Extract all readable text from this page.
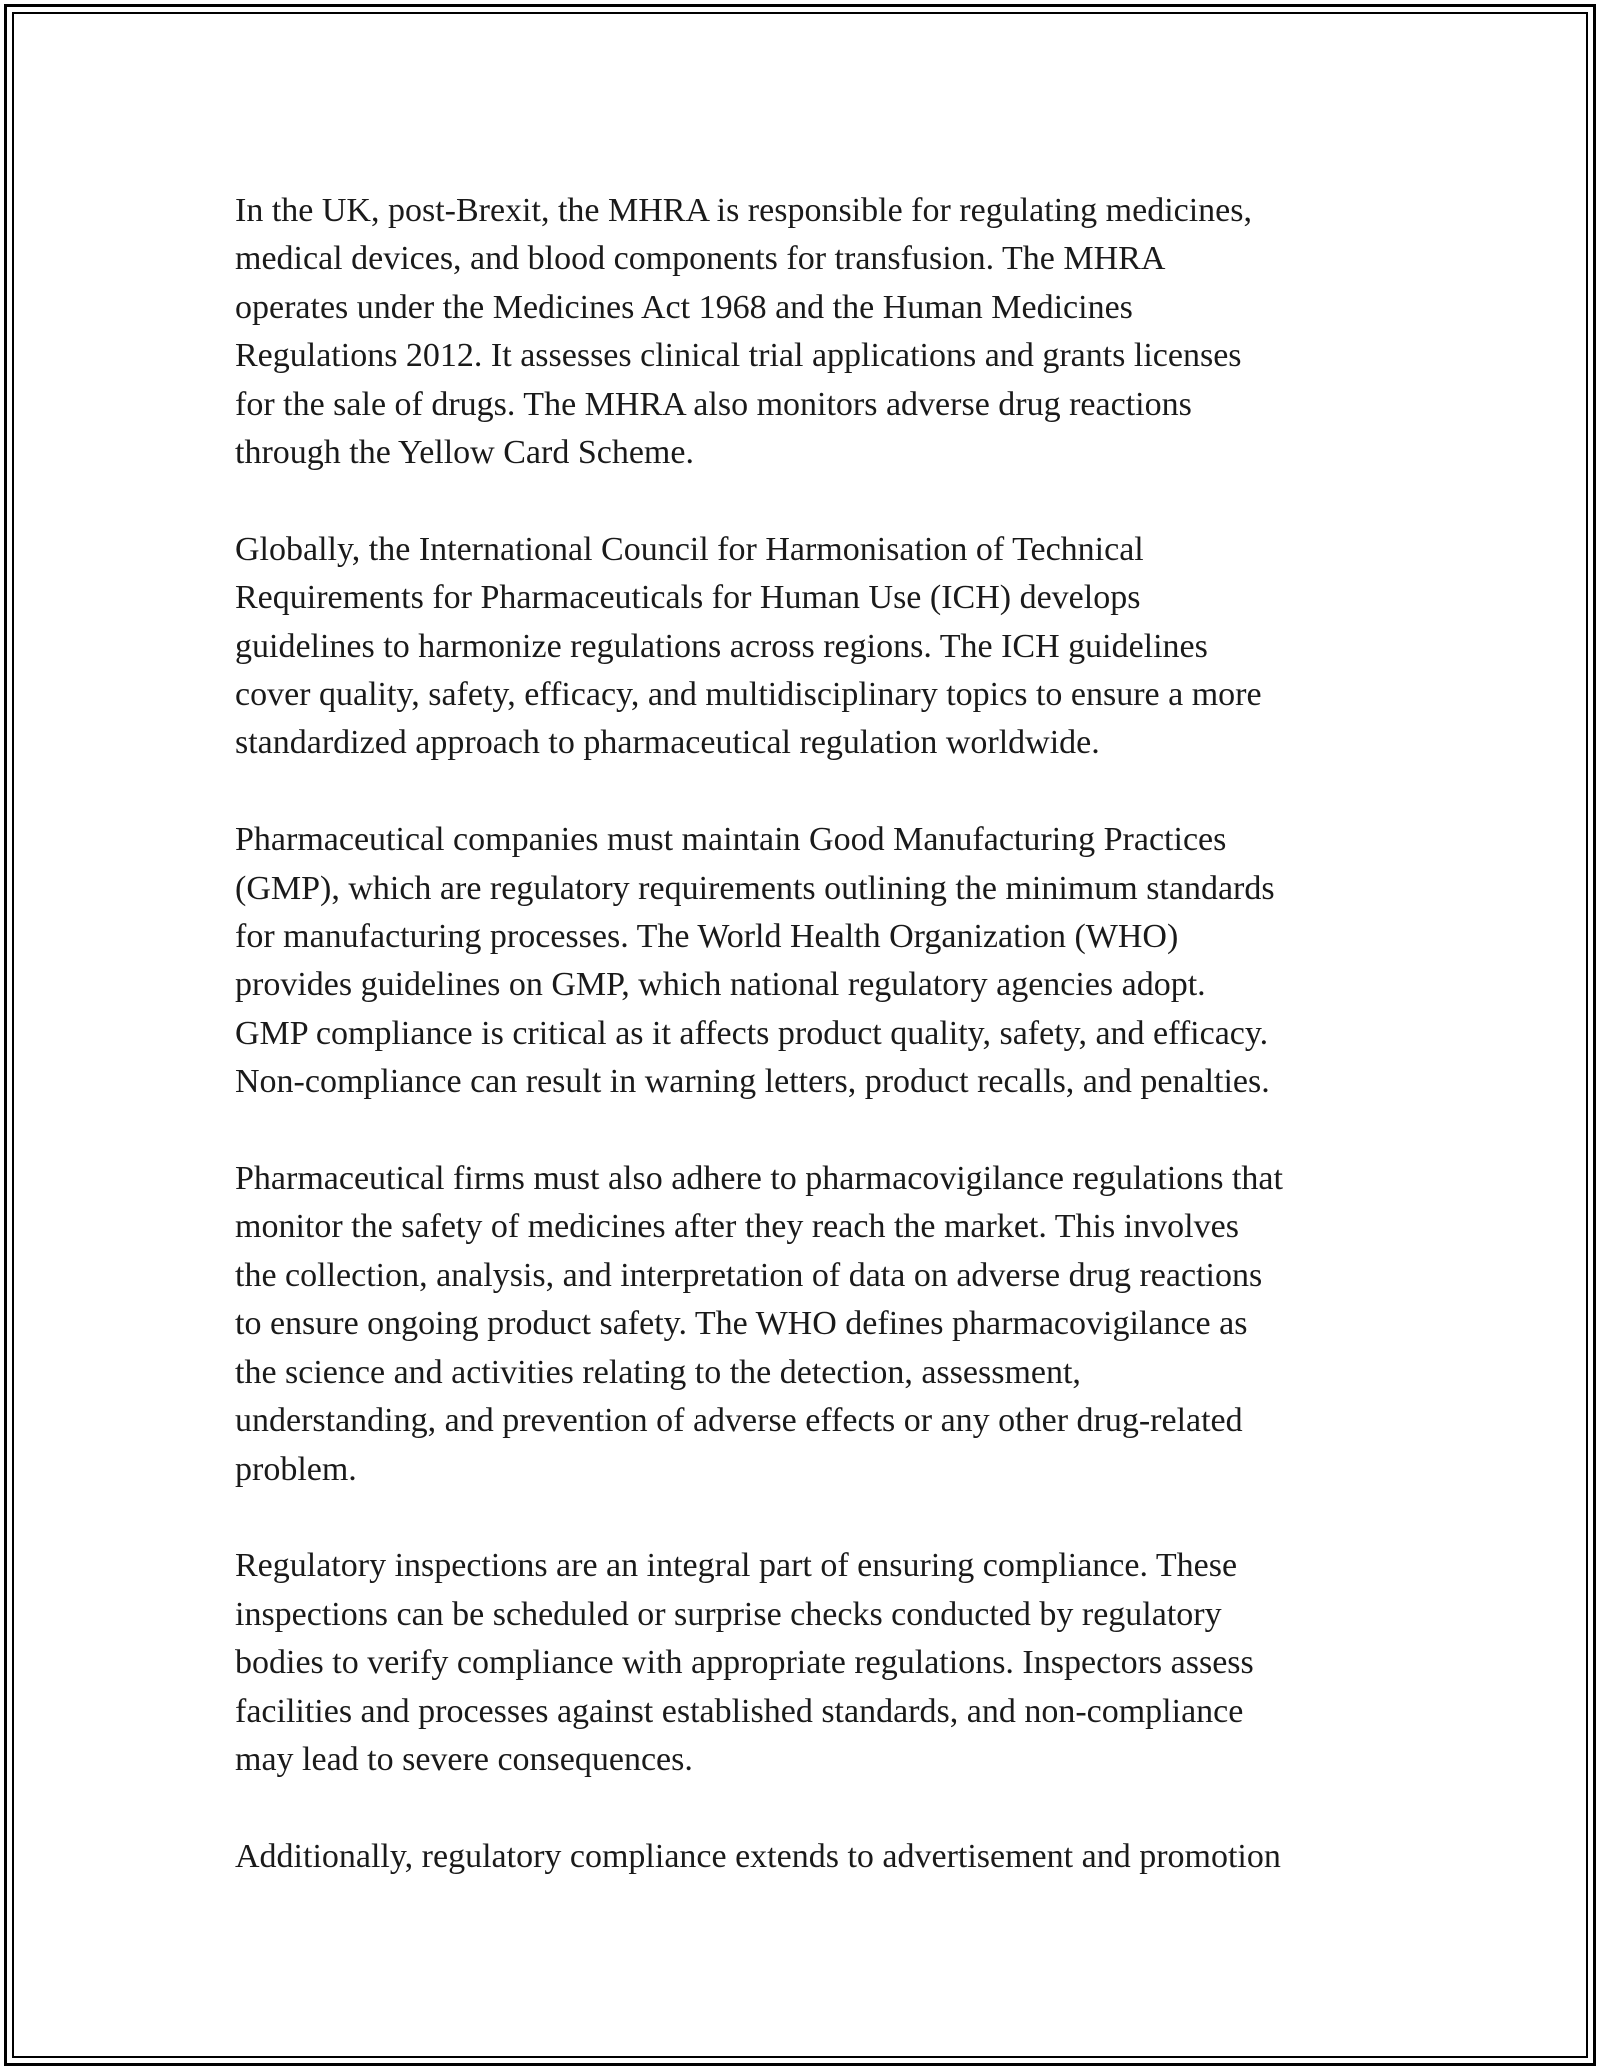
In the UK, post-Brexit, the MHRA is responsible for regulating medicines,
medical devices, and blood components for transfusion. The MHRA
operates under the Medicines Act 1968 and the Human Medicines
Regulations 2012. It assesses clinical trial applications and grants licenses
for the sale of drugs. The MHRA also monitors adverse drug reactions
through the Yellow Card Scheme.

Globally, the International Council for Harmonisation of Technical
Requirements for Pharmaceuticals for Human Use (ICH) develops
guidelines to harmonize regulations across regions. The ICH guidelines
cover quality, safety, efficacy, and multidisciplinary topics to ensure a more
standardized approach to pharmaceutical regulation worldwide.

Pharmaceutical companies must maintain Good Manufacturing Practices
(GMP), which are regulatory requirements outlining the minimum standards
for manufacturing processes. The World Health Organization (WHO)
provides guidelines on GMP, which national regulatory agencies adopt.
GMP compliance is critical as it affects product quality, safety, and efficacy.
Non-compliance can result in warning letters, product recalls, and penalties.

Pharmaceutical firms must also adhere to pharmacovigilance regulations that
monitor the safety of medicines after they reach the market. This involves
the collection, analysis, and interpretation of data on adverse drug reactions
to ensure ongoing product safety. The WHO defines pharmacovigilance as
the science and activities relating to the detection, assessment,
understanding, and prevention of adverse effects or any other drug-related
problem.

Regulatory inspections are an integral part of ensuring compliance. These
inspections can be scheduled or surprise checks conducted by regulatory
bodies to verify compliance with appropriate regulations. Inspectors assess
facilities and processes against established standards, and non-compliance
may lead to severe consequences.

Additionally, regulatory compliance extends to advertisement and promotion
